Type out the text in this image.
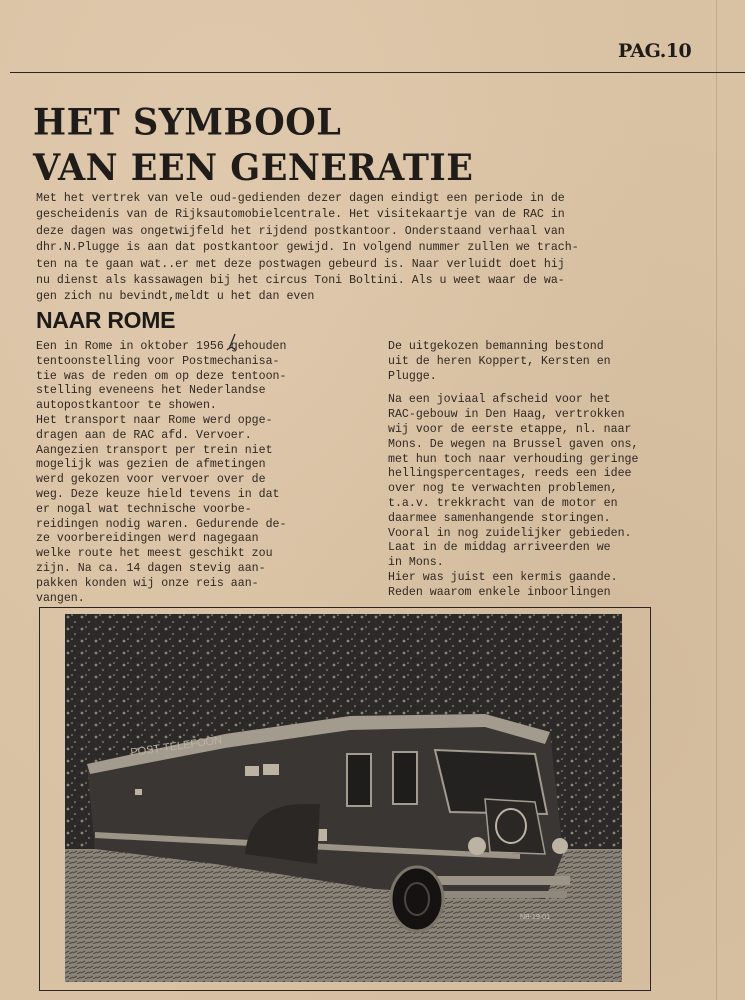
PAG.10
HET SYMBOOL
VAN EEN GENERATIE
Met het vertrek van vele oud-gedienden dezer dagen eindigt een periode in de
gescheidenis van de Rijksautomobielcentrale. Het visitekaartje van de RAC in
deze dagen was ongetwijfeld het rijdend postkantoor. Onderstaand verhaal van
dhr.N.Plugge is aan dat postkantoor gewijd. In volgend nummer zullen we trach-
ten na te gaan wat..er met deze postwagen gebeurd is. Naar verluidt doet hij
nu dienst als kassawagen bij het circus Toni Boltini. Als u weet waar de wa-
gen zich nu bevindt,meldt u het dan even
NAAR ROME
Een in Rome in oktober 1956 gehouden
tentoonstelling voor Postmechanisa-
tie was de reden om op deze tentoon-
stelling eveneens het Nederlandse
autopostkantoor te showen.
Het transport naar Rome werd opge-
dragen aan de RAC afd. Vervoer.
Aangezien transport per trein niet
mogelijk was gezien de afmetingen
werd gekozen voor vervoer over de
weg. Deze keuze hield tevens in dat
er nogal wat technische voorbe-
reidingen nodig waren. Gedurende de-
ze voorbereidingen werd nagegaan
welke route het meest geschikt zou
zijn. Na ca. 14 dagen stevig aan-
pakken konden wij onze reis aan-
vangen.
De uitgekozen bemanning bestond
uit de heren Koppert, Kersten en
Plugge.
Na een joviaal afscheid voor het
RAC-gebouw in Den Haag, vertrokken
wij voor de eerste etappe, nl. naar
Mons. De wegen na Brussel gaven ons,
met hun toch naar verhouding geringe
hellingspercentages, reeds een idee
over nog te verwachten problemen,
t.a.v. trekkracht van de motor en
daarmee samenhangende storingen.
Vooral in nog zuidelijker gebieden.
Laat in de middag arriveerden we
in Mons.
Hier was juist een kermis gaande.
Reden waarom enkele inboorlingen
POST-TELEFOON
NB-19-01
